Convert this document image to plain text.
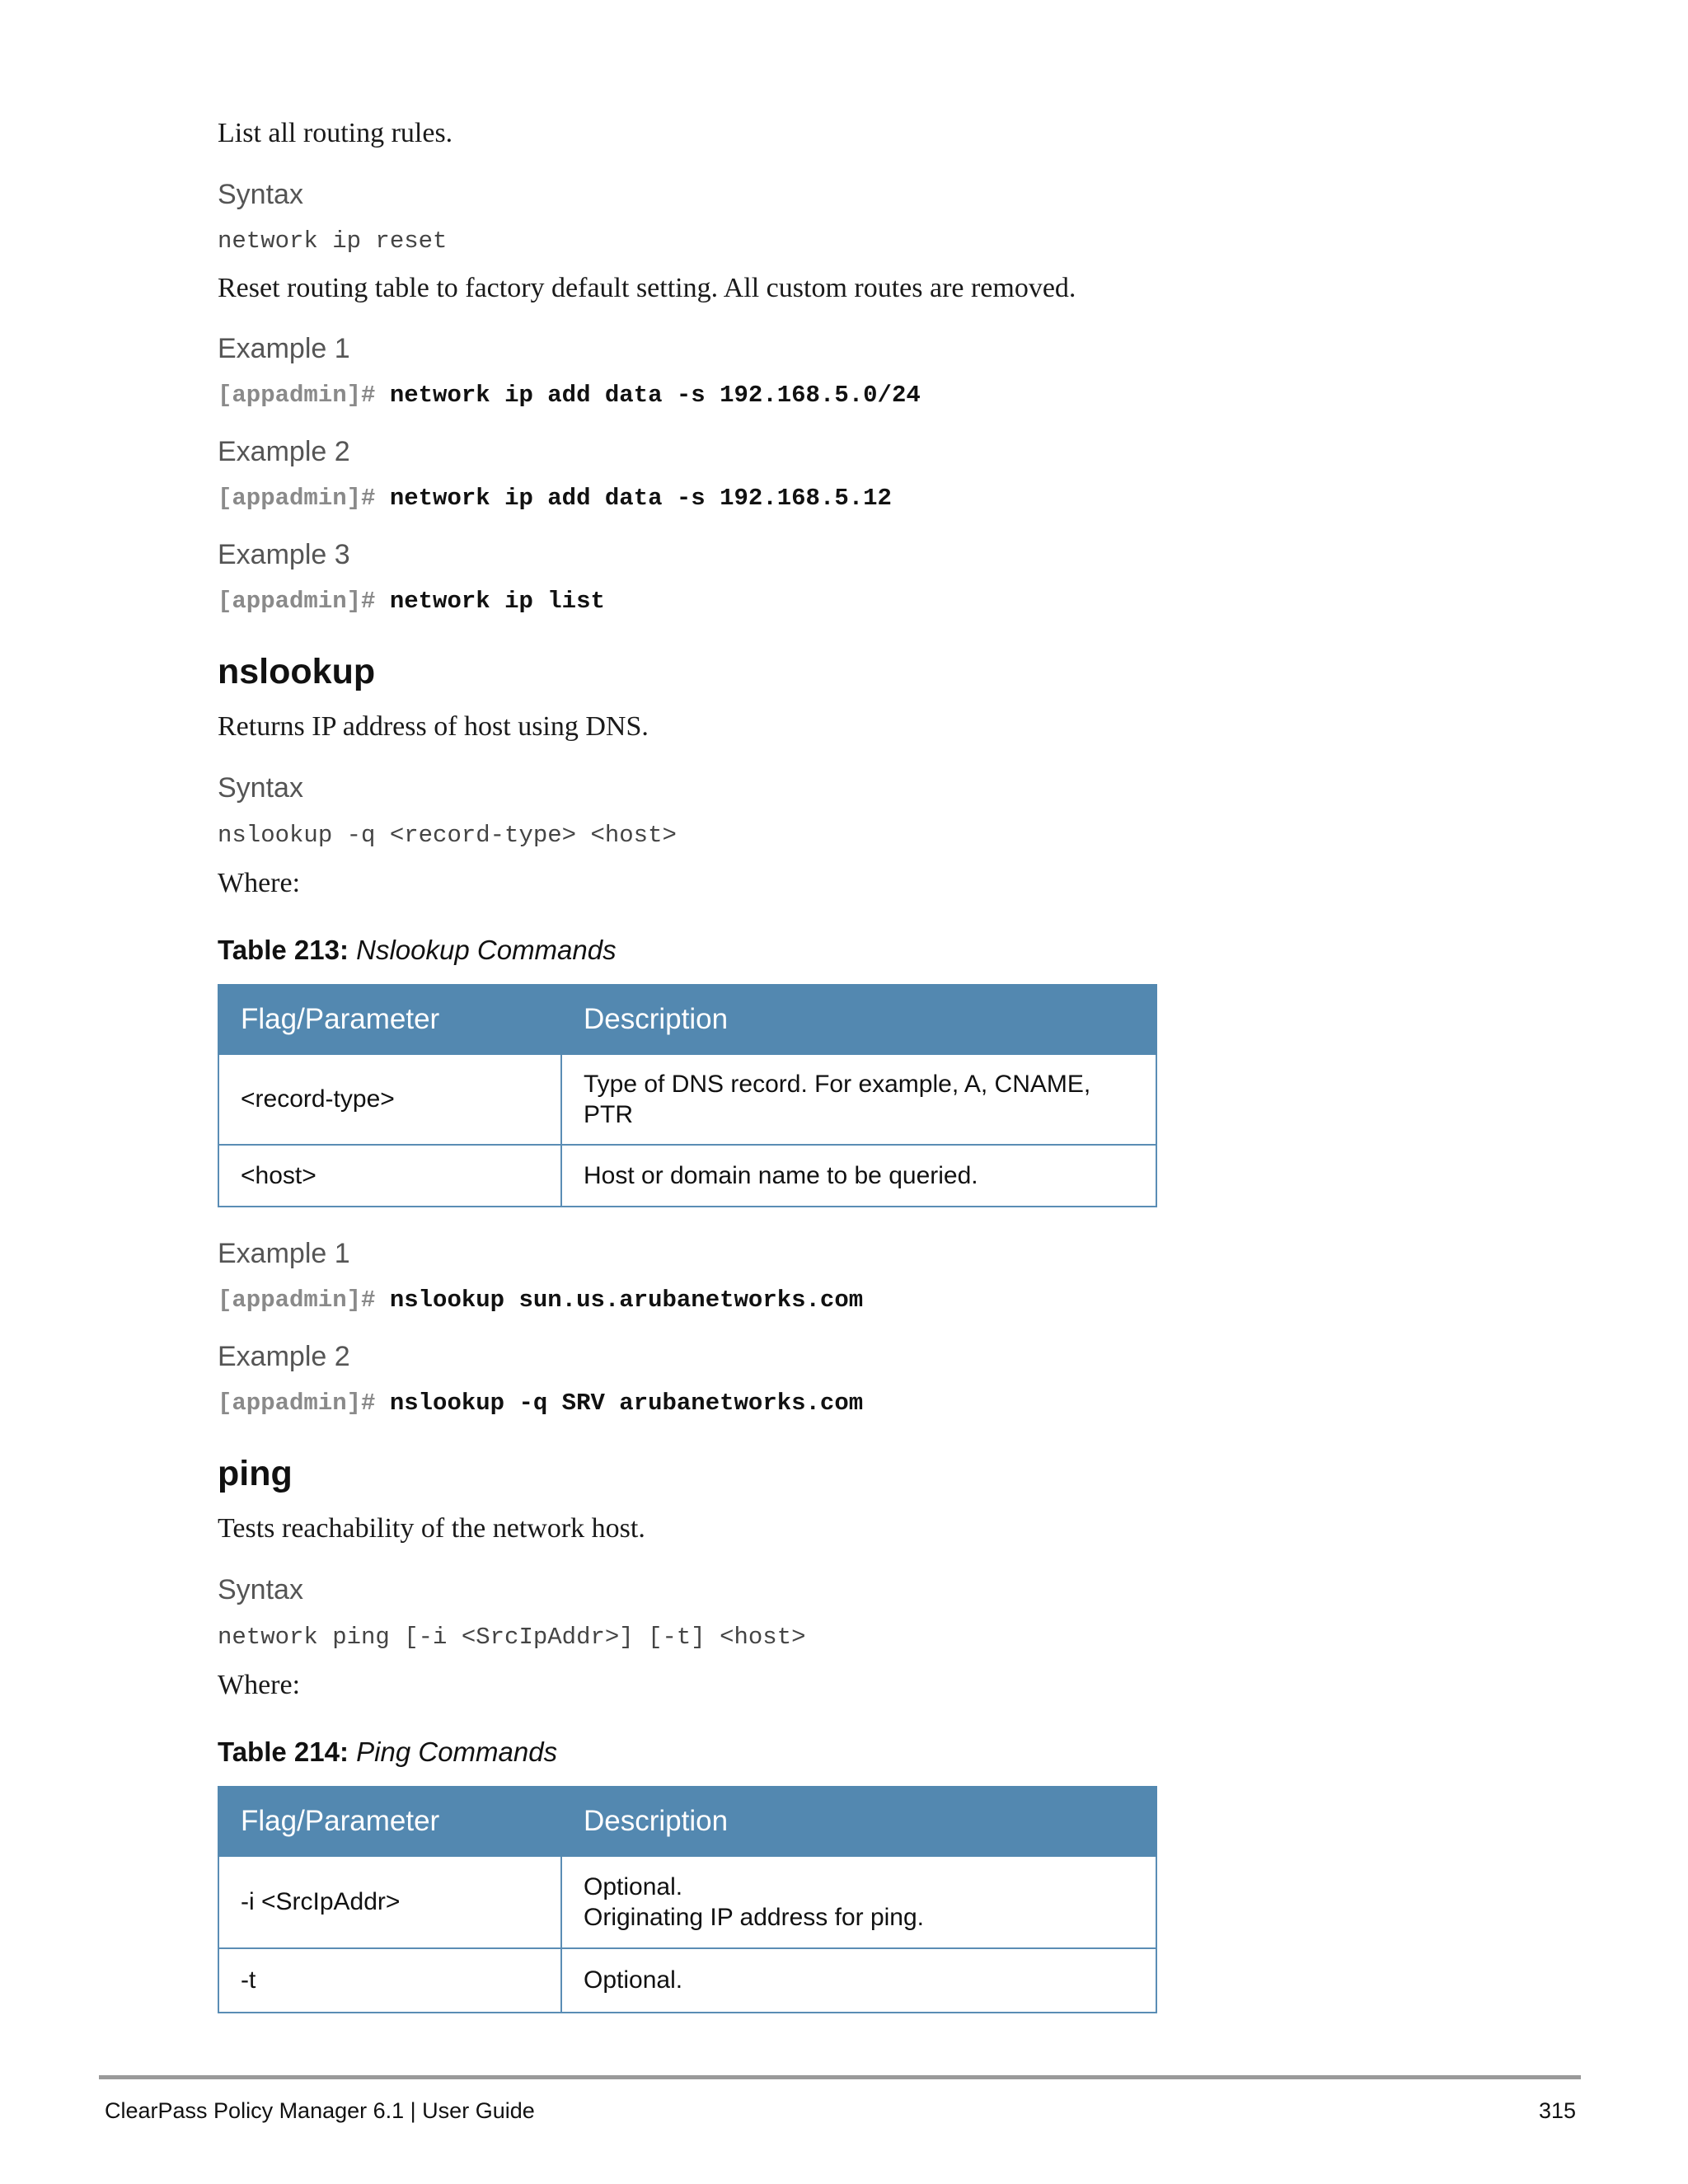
List all routing rules.
Syntax
network ip reset
Reset routing table to factory default setting. All custom routes are removed.
Example 1
[appadmin]# network ip add data -s 192.168.5.0/24
Example 2
[appadmin]# network ip add data -s 192.168.5.12
Example 3
[appadmin]# network ip list
nslookup
Returns IP address of host using DNS.
Syntax
nslookup -q <record-type> <host>
Where:
Table 213: Nslookup Commands
Flag/Parameter	Description
<record-type>	Type of DNS record. For example, A, CNAME, PTR
<host>	Host or domain name to be queried.
Example 1
[appadmin]# nslookup sun.us.arubanetworks.com
Example 2
[appadmin]# nslookup -q SRV arubanetworks.com
ping
Tests reachability of the network host.
Syntax
network ping [-i <SrcIpAddr>] [-t] <host>
Where:
Table 214: Ping Commands
Flag/Parameter	Description
-i <SrcIpAddr>	Optional.
Originating IP address for ping.

-t	Optional.
ClearPass Policy Manager 6.1 | User Guide	315
